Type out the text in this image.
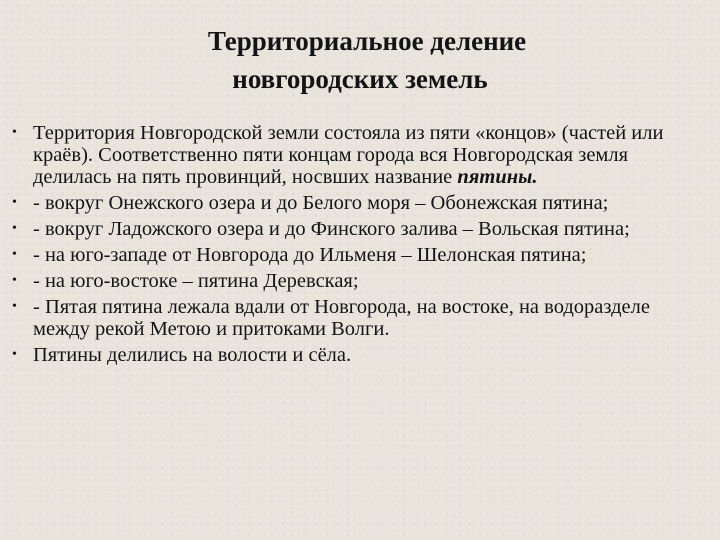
Территориальное деление
новгородских земель
• Территория Новгородской земли состояла из пяти «концов» (частей или краёв). Соответственно пяти концам города вся Новгородская земля делилась на пять провинций, носвших название пятины.
• - вокруг Онежского озера и до Белого моря – Обонежская пятина;
• - вокруг Ладожского озера и до Финского залива – Вольская пятина;
• - на юго-западе от Новгорода до Ильменя – Шелонская пятина;
• - на юго-востоке – пятина Деревская;
• - Пятая пятина лежала вдали от Новгорода, на востоке, на водоразделе между рекой Метою и притоками Волги.
• Пятины делились на волости и сёла.
